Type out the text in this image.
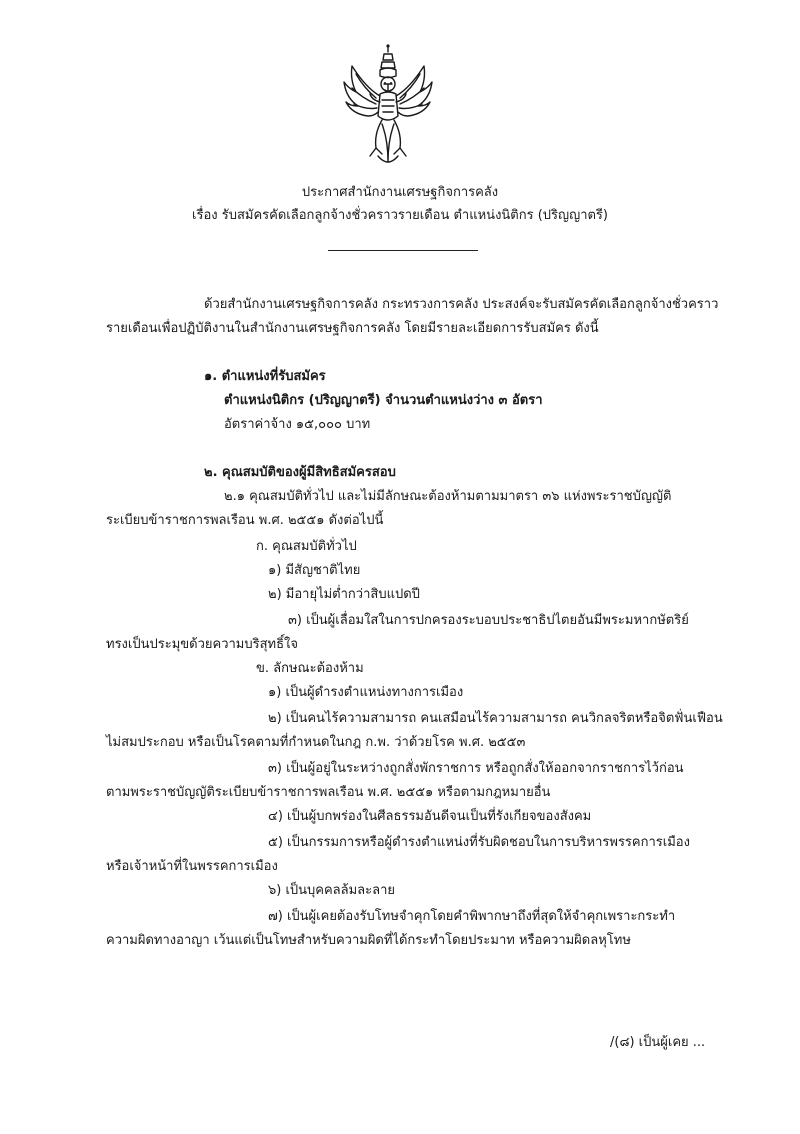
ประกาศสำนักงานเศรษฐกิจการคลัง
เรื่อง รับสมัครคัดเลือกลูกจ้างชั่วคราวรายเดือน ตำแหน่งนิติกร (ปริญญาตรี)
ด้วยสำนักงานเศรษฐกิจการคลัง กระทรวงการคลัง ประสงค์จะรับสมัครคัดเลือกลูกจ้างชั่วคราว
รายเดือนเพื่อปฏิบัติงานในสำนักงานเศรษฐกิจการคลัง โดยมีรายละเอียดการรับสมัคร ดังนี้
๑. ตำแหน่งที่รับสมัคร
ตำแหน่งนิติกร (ปริญญาตรี) จำนวนตำแหน่งว่าง ๓ อัตรา
อัตราค่าจ้าง ๑๕,๐๐๐ บาท
๒. คุณสมบัติของผู้มีสิทธิสมัครสอบ
๒.๑ คุณสมบัติทั่วไป และไม่มีลักษณะต้องห้ามตามมาตรา ๓๖ แห่งพระราชบัญญัติ
ระเบียบข้าราชการพลเรือน พ.ศ. ๒๕๕๑ ดังต่อไปนี้
ก. คุณสมบัติทั่วไป
๑) มีสัญชาติไทย
๒) มีอายุไม่ต่ำกว่าสิบแปดปี
๓) เป็นผู้เลื่อมใสในการปกครองระบอบประชาธิปไตยอันมีพระมหากษัตริย์
ทรงเป็นประมุขด้วยความบริสุทธิ์ใจ
ข. ลักษณะต้องห้าม
๑) เป็นผู้ดำรงตำแหน่งทางการเมือง
๒) เป็นคนไร้ความสามารถ คนเสมือนไร้ความสามารถ คนวิกลจริตหรือจิตฟั่นเฟือน
ไม่สมประกอบ หรือเป็นโรคตามที่กำหนดในกฎ ก.พ. ว่าด้วยโรค พ.ศ. ๒๕๕๓
๓) เป็นผู้อยู่ในระหว่างถูกสั่งพักราชการ หรือถูกสั่งให้ออกจากราชการไว้ก่อน
ตามพระราชบัญญัติระเบียบข้าราชการพลเรือน พ.ศ. ๒๕๕๑ หรือตามกฎหมายอื่น
๔) เป็นผู้บกพร่องในศีลธรรมอันดีจนเป็นที่รังเกียจของสังคม
๕) เป็นกรรมการหรือผู้ดำรงตำแหน่งที่รับผิดชอบในการบริหารพรรคการเมือง
หรือเจ้าหน้าที่ในพรรคการเมือง
๖) เป็นบุคคลล้มละลาย
๗) เป็นผู้เคยต้องรับโทษจำคุกโดยคำพิพากษาถึงที่สุดให้จำคุกเพราะกระทำ
ความผิดทางอาญา เว้นแต่เป็นโทษสำหรับความผิดที่ได้กระทำโดยประมาท หรือความผิดลหุโทษ
/(๘) เป็นผู้เคย ...
